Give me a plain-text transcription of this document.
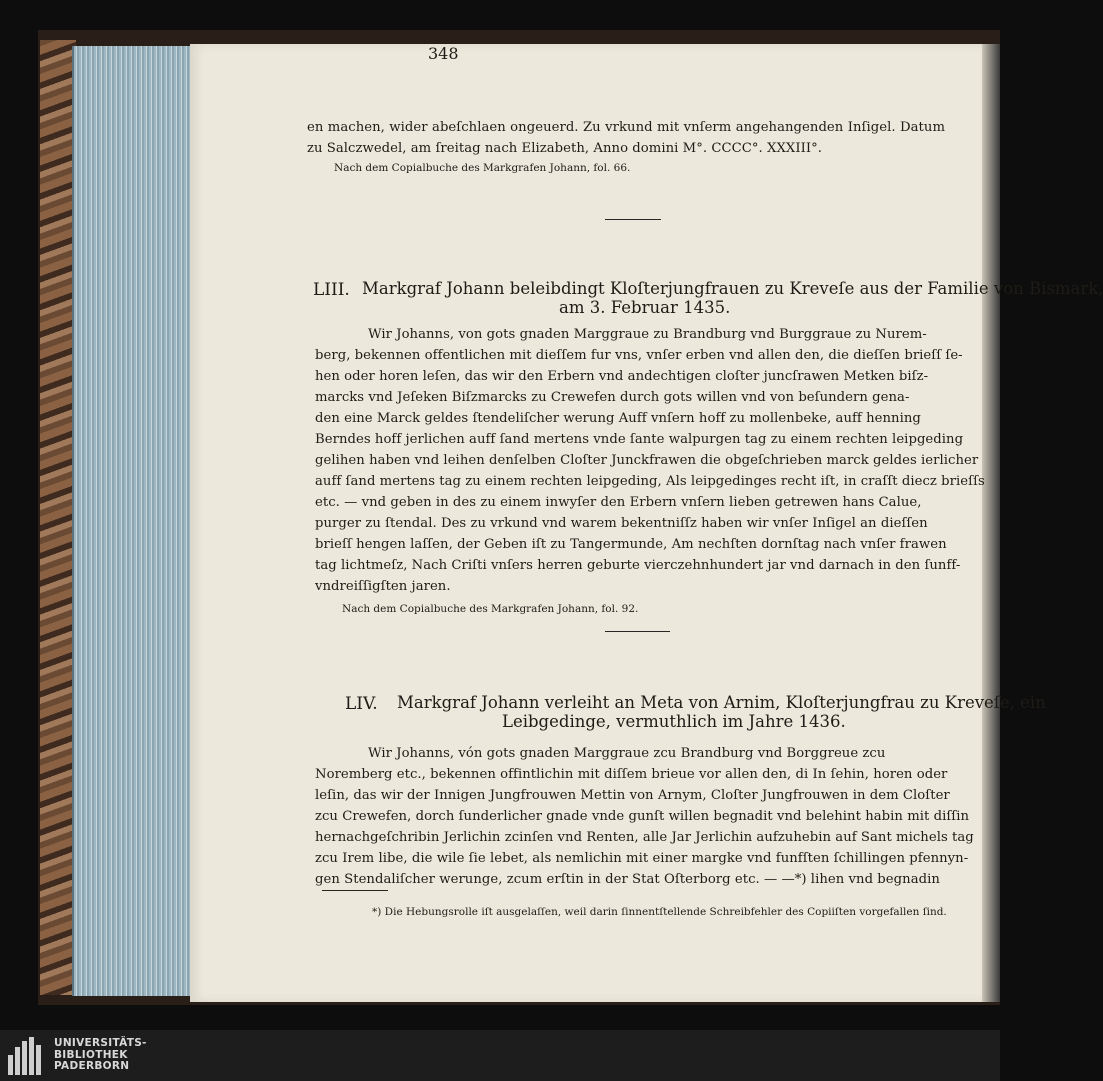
348
en machen, wider abeſchlaen ongeuerd. Zu vrkund mit vnſerm angehangenden Inſigel. Datum
zu Salczwedel, am ſreitag nach Elizabeth, Anno domini M°. CCCC°. XXXIII°.
Nach dem Copialbuche des Markgrafen Johann, fol. 66.
LIII. Markgraf Johann beleibdingt Kloſterjungfrauen zu Kreveſe aus der Familie von Bismark,
am 3. Februar 1435.
Wir Johanns, von gots gnaden Marggraue zu Brandburg vnd Burggraue zu Nurem-
berg, bekennen offentlichen mit dieſſem fur vns, vnſer erben vnd allen den, die dieſſen brieſſ ſe-
hen oder horen leſen, das wir den Erbern vnd andechtigen cloſter juncſrawen Metken biſz-
marcks vnd Jeſeken Biſzmarcks zu Crewefen durch gots willen vnd von beſundern gena-
den eine Marck geldes ſtendeliſcher werung Auff vnſern hoff zu mollenbeke, auff henning
Berndes hoff jerlichen auff ſand mertens vnde ſante walpurgen tag zu einem rechten leipgeding
gelihen haben vnd leihen denſelben Cloſter Junckfrawen die obgeſchrieben marck geldes ierlicher
auff ſand mertens tag zu einem rechten leipgeding, Als leipgedinges recht iſt, in craſſt diecz brieſſs
etc. — vnd geben in des zu einem inwyſer den Erbern vnſern lieben getrewen hans Calue,
purger zu ſtendal. Des zu vrkund vnd warem bekentniſſz haben wir vnſer Inſigel an dieſſen
brieſſ hengen laſſen, der Geben iſt zu Tangermunde, Am nechſten dornſtag nach vnſer frawen
tag lichtmeſz, Nach Criſti vnſers herren geburte vierczehnhundert jar vnd darnach in den ſunff-
vndreiſſigſten jaren.
Nach dem Copialbuche des Markgrafen Johann, fol. 92.
LIV. Markgraf Johann verleiht an Meta von Arnim, Kloſterjungfrau zu Kreveſe, ein
Leibgedinge, vermuthlich im Jahre 1436.
Wir Johanns, vón gots gnaden Marggraue zcu Brandburg vnd Borggreue zcu
Noremberg etc., bekennen offintlichin mit diſſem brieue vor allen den, di In ſehin, horen oder
leſin, das wir der Innigen Jungfrouwen Mettin von Arnym, Cloſter Jungfrouwen in dem Cloſter
zcu Crewefen, dorch ſunderlicher gnade vnde gunſt willen begnadit vnd belehint habin mit diſſin
hernachgeſchribin Jerlichin zcinſen vnd Renten, alle Jar Jerlichin aufzuhebin auf Sant michels tag
zcu Irem libe, die wile ſie lebet, als nemlichin mit einer margke vnd funfſten ſchillingen pfennyn-
gen Stendaliſcher werunge, zcum erſtin in der Stat Oſterborg etc. — —*) lihen vnd begnadin
*) Die Hebungsrolle iſt ausgelaſſen, weil darin ſinnentſtellende Schreibfehler des Copiiſten vorgefallen ſind.
UNIVERSITÄTS-
BIBLIOTHEK
PADERBORN
